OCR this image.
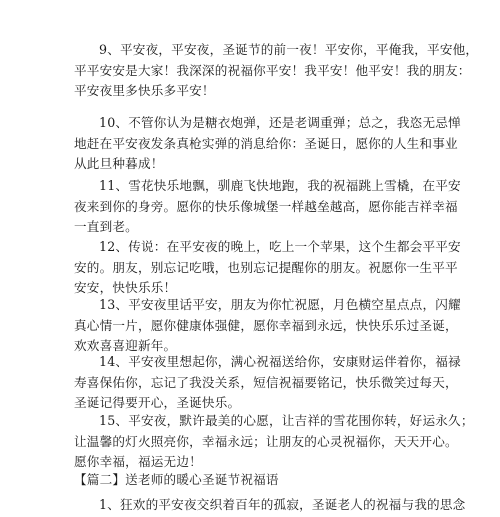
9、平安夜，平安夜，圣诞节的前一夜！平安你，平俺我，平安他，
平平安安是大家！我深深的祝福你平安！我平安！他平安！我的朋友：
平安夜里多快乐多平安！
10、不管你认为是糖衣炮弹，还是老调重弹；总之，我恣无忌惮
地赶在平安夜发条真枪实弹的消息给你：圣诞日，愿你的人生和事业
从此旦种暮成！
11、雪花快乐地飘，驯鹿飞快地跑，我的祝福跳上雪橇，在平安
夜来到你的身旁。愿你的快乐像城堡一样越垒越高，愿你能吉祥幸福
一直到老。
12、传说：在平安夜的晚上，吃上一个苹果，这个生都会平平安
安的。朋友，别忘记吃哦，也别忘记提醒你的朋友。祝愿你一生平平
安安，快快乐乐！
13、平安夜里话平安，朋友为你忙祝愿，月色横空星点点，闪耀
真心情一片，愿你健康体强健，愿你幸福到永远，快快乐乐过圣诞，
欢欢喜喜迎新年。
14、平安夜里想起你，满心祝福送给你，安康财运伴着你，福禄
寿喜保佑你，忘记了我没关系，短信祝福要铭记，快乐微笑过每天，
圣诞记得要开心，圣诞快乐。
15、平安夜，默许最美的心愿，让吉祥的雪花围你转，好运永久；
让温馨的灯火照亮你，幸福永远；让朋友的心灵祝福你，天天开心。
愿你幸福，福运无边！
【篇二】送老师的暖心圣诞节祝福语
1、狂欢的平安夜交织着百年的孤寂，圣诞老人的祝福与我的思念
